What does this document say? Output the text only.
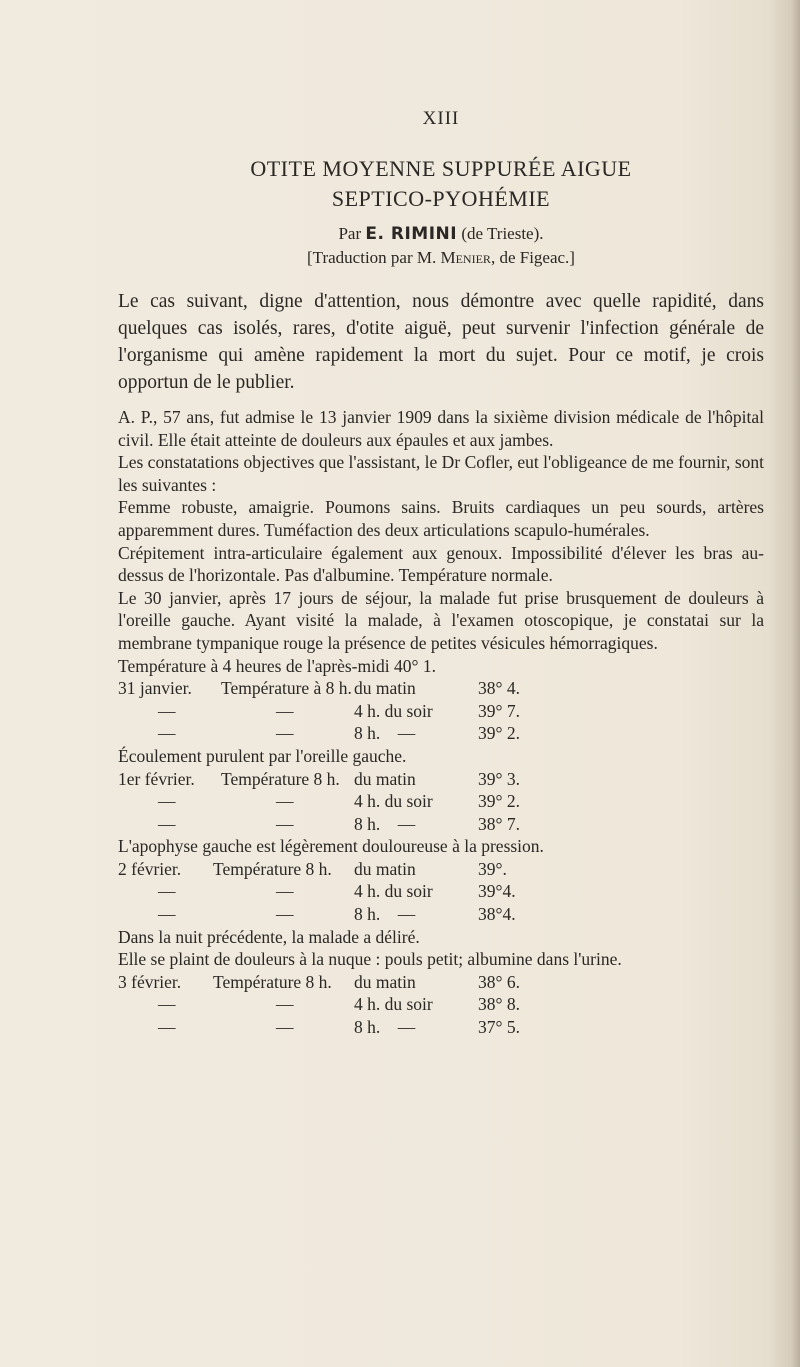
XIII
OTITE MOYENNE SUPPURÉE AIGUE
SEPTICO-PYOHÉMIE
Par E. RIMINI (de Trieste).
[Traduction par M. Menier, de Figeac.]

Le cas suivant, digne d'attention, nous démontre avec quelle rapidité, dans quelques cas isolés, rares, d'otite aiguë, peut survenir l'infection générale de l'organisme qui amène rapidement la mort du sujet. Pour ce motif, je crois opportun de le publier.

A. P., 57 ans, fut admise le 13 janvier 1909 dans la sixième division médicale de l'hôpital civil. Elle était atteinte de douleurs aux épaules et aux jambes.

Les constatations objectives que l'assistant, le Dr Cofler, eut l'obligeance de me fournir, sont les suivantes :

Femme robuste, amaigrie. Poumons sains. Bruits cardiaques un peu sourds, artères apparemment dures. Tuméfaction des deux articulations scapulo-humérales.

Crépitement intra-articulaire également aux genoux. Impossibilité d'élever les bras au-dessus de l'horizontale. Pas d'albumine. Température normale.

Le 30 janvier, après 17 jours de séjour, la malade fut prise brusquement de douleurs à l'oreille gauche. Ayant visité la malade, à l'examen otoscopique, je constatai sur la membrane tympanique rouge la présence de petites vésicules hémorragiques.

Température à 4 heures de l'après-midi 40° 1.
31 janvier. Température à 8 h. du matin	38° 4.
—	—	4 h. du soir	39° 7.
—	—	8 h.    —	39° 2.
Écoulement purulent par l'oreille gauche.
1er février. Température 8 h. du matin	39° 3.
—	—	4 h. du soir	39° 2.
—	—	8 h.    —	38° 7.
L'apophyse gauche est légèrement douloureuse à la pression.
2 février. Température 8 h. du matin	39°.
—	—	4 h. du soir	39°4.
—	—	8 h.    —	38°4.
Dans la nuit précédente, la malade a déliré.
Elle se plaint de douleurs à la nuque : pouls petit; albumine dans l'urine.
3 février. Température 8 h. du matin	38° 6.
—	—	4 h. du soir	38° 8.
—	—	8 h.    —	37° 5.
